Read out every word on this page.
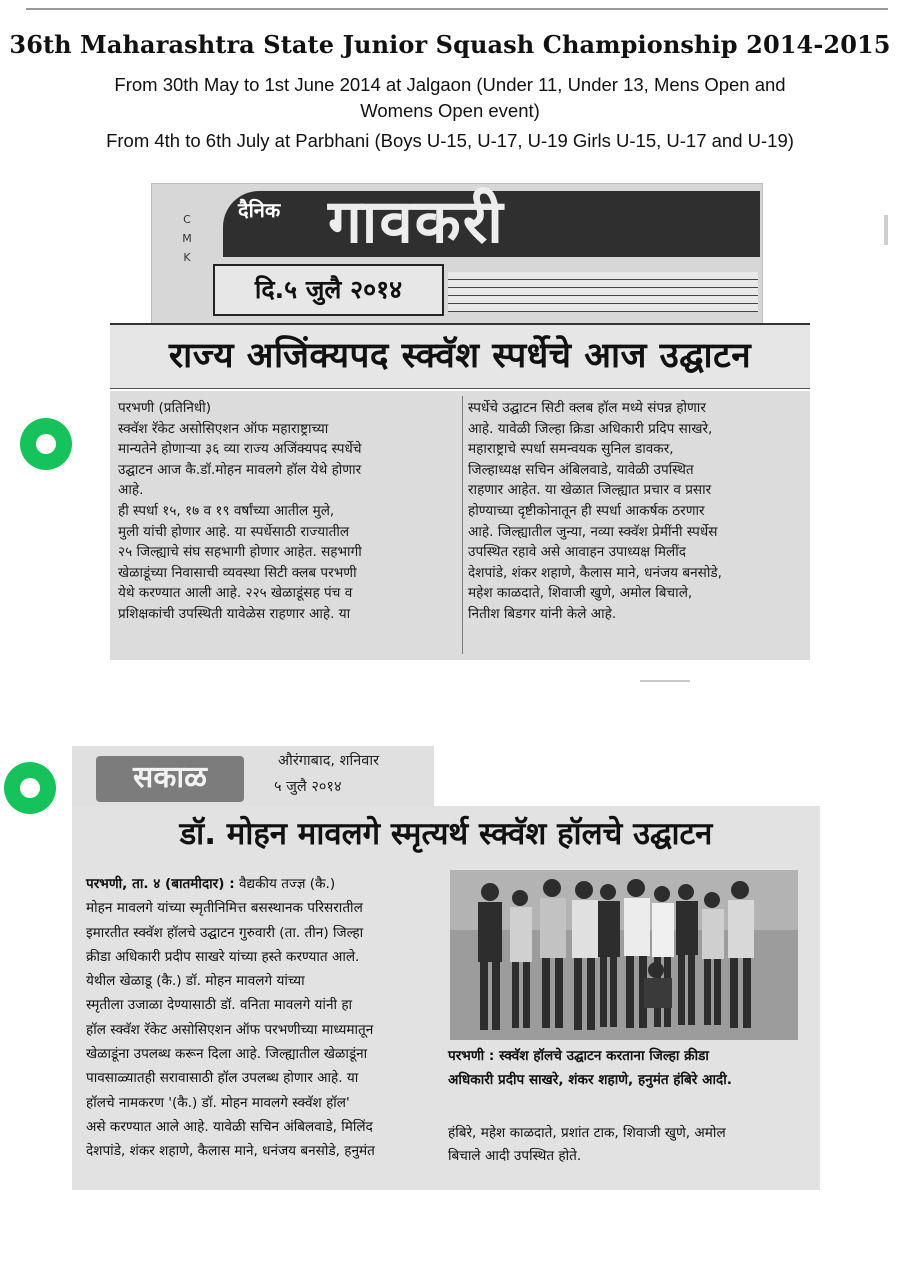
36th Maharashtra State Junior Squash Championship 2014-2015

From 30th May to 1st June 2014 at Jalgaon (Under 11, Under 13, Mens Open and

Womens Open event)

From 4th to 6th July at Parbhani (Boys U-15, U-17, U-19 Girls U-15, U-17 and U-19)

C
M
K
दैनिक गावकरी
दि.५ जुलै २०१४
राज्य अजिंक्यपद स्क्वॅश स्पर्धेचे आज उद्घाटन
परभणी (प्रतिनिधी)
स्क्वॅश रॅकेट असोसिएशन ऑफ महाराष्ट्राच्या
मान्यतेने होणाऱ्या ३६ व्या राज्य अजिंक्यपद स्पर्धेचे
उद्घाटन आज कै.डॉ.मोहन मावलगे हॉल येथे होणार
आहे.
ही स्पर्धा १५, १७ व १९ वर्षांच्या आतील मुले,
मुली यांची होणार आहे. या स्पर्धेसाठी राज्यातील
२५ जिल्ह्याचे संघ सहभागी होणार आहेत. सहभागी
खेळाडूंच्या निवासाची व्यवस्था सिटी क्लब परभणी
येथे करण्यात आली आहे. २२५ खेळाडूंसह पंच व
प्रशिक्षकांची उपस्थिती यावेळेस राहणार आहे. या
स्पर्धेचे उद्घाटन सिटी क्लब हॉल मध्ये संपन्न होणार
आहे. यावेळी जिल्हा क्रिडा अधिकारी प्रदिप साखरे,
महाराष्ट्राचे स्पर्धा समन्वयक सुनिल डावकर,
जिल्हाध्यक्ष सचिन अंबिलवाडे, यावेळी उपस्थित
राहणार आहेत. या खेळात जिल्ह्यात प्रचार व प्रसार
होण्याच्या दृष्टीकोनातून ही स्पर्धा आकर्षक ठरणार
आहे. जिल्ह्यातील जुन्या, नव्या स्क्वॅश प्रेमींनी स्पर्धेस
उपस्थित रहावे असे आवाहन उपाध्यक्ष मिलींद
देशपांडे, शंकर शहाणे, कैलास माने, धनंजय बनसोडे,
महेश काळदाते, शिवाजी खुणे, अमोल बिचाले,
नितीश बिडगर यांनी केले आहे.
सकाळ	औरंगाबाद, शनिवार
५ जुलै २०१४
डॉ. मोहन मावलगे स्मृत्यर्थ स्क्वॅश हॉलचे उद्घाटन
परभणी, ता. ४ (बातमीदार) : वैद्यकीय तज्ज्ञ (कै.)
मोहन मावलगे यांच्या स्मृतीनिमित्त बसस्थानक परिसरातील
इमारतीत स्क्वॅश हॉलचे उद्घाटन गुरुवारी (ता. तीन) जिल्हा
क्रीडा अधिकारी प्रदीप साखरे यांच्या हस्ते करण्यात आले.
येथील खेळाडू (कै.) डॉ. मोहन मावलगे यांच्या
स्मृतीला उजाळा देण्यासाठी डॉ. वनिता मावलगे यांनी हा
हॉल स्क्वॅश रॅकेट असोसिएशन ऑफ परभणीच्या माध्यमातून
खेळाडूंना उपलब्ध करून दिला आहे. जिल्ह्यातील खेळाडूंना
पावसाळ्यातही सरावासाठी हॉल उपलब्ध होणार आहे. या
हॉलचे नामकरण '(कै.) डॉ. मोहन मावलगे स्क्वॅश हॉल'
असे करण्यात आले आहे. यावेळी सचिन अंबिलवाडे, मिलिंद
देशपांडे, शंकर शहाणे, कैलास माने, धनंजय बनसोडे, हनुमंत
परभणी : स्क्वॅश हॉलचे उद्घाटन करताना जिल्हा क्रीडा
अधिकारी प्रदीप साखरे, शंकर शहाणे, हनुमंत हंबिरे आदी.
हंबिरे, महेश काळदाते, प्रशांत टाक, शिवाजी खुणे, अमोल
बिचाले आदी उपस्थित होते.
